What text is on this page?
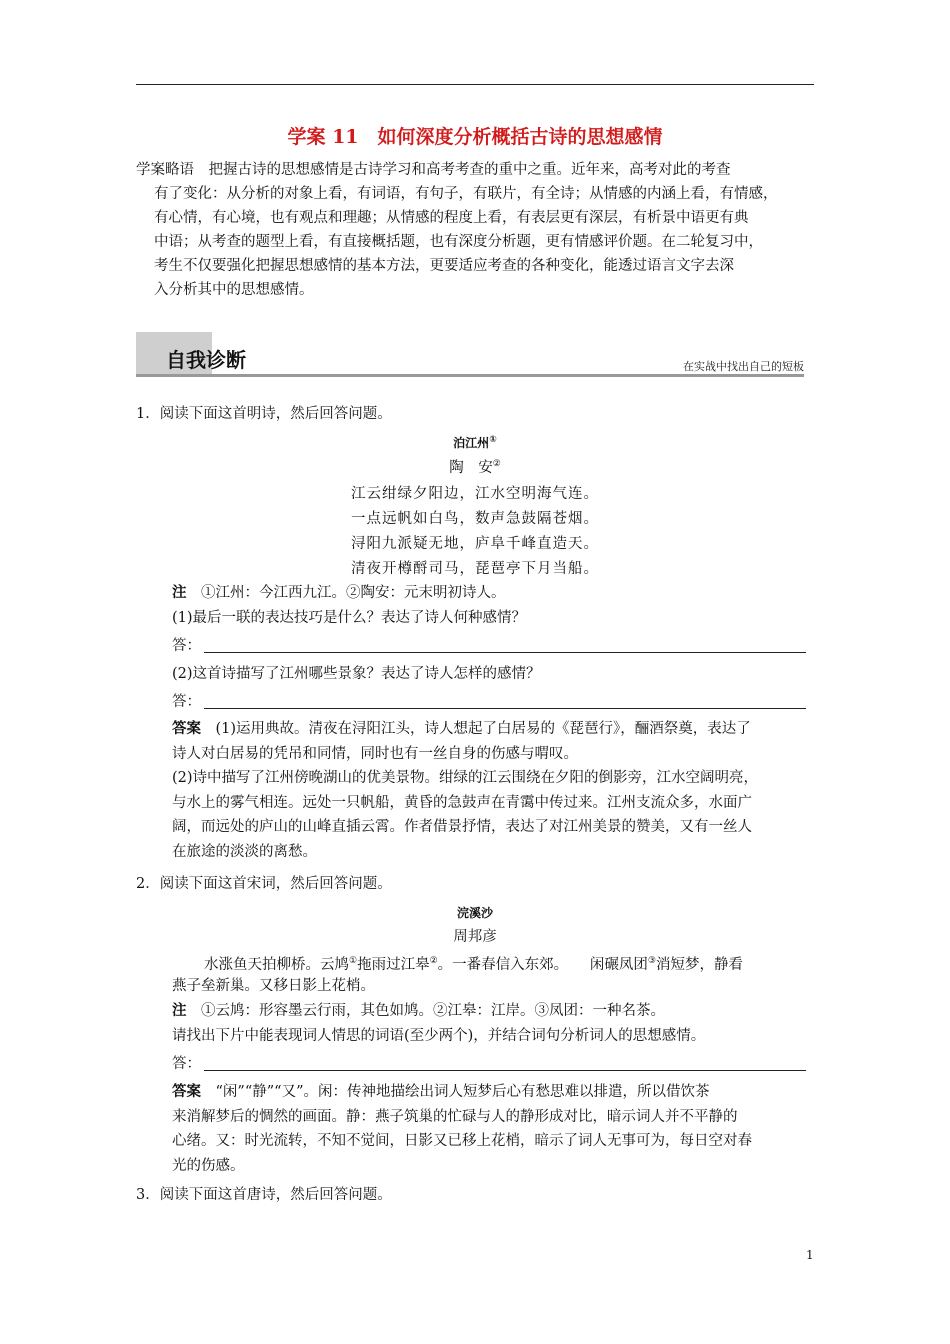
学案 11　如何深度分析概括古诗的思想感情
学案略语　把握古诗的思想感情是古诗学习和高考考查的重中之重。近年来，高考对此的考查
有了变化：从分析的对象上看，有词语，有句子，有联片，有全诗；从情感的内涵上看，有情感，
有心情，有心境，也有观点和理趣；从情感的程度上看，有表层更有深层，有析景中语更有典
中语；从考查的题型上看，有直接概括题，也有深度分析题，更有情感评价题。在二轮复习中，
考生不仅要强化把握思想感情的基本方法，更要适应考查的各种变化，能透过语言文字去深
入分析其中的思想感情。
自我诊断	在实战中找出自己的短板
1．阅读下面这首明诗，然后回答问题。
泊江州①
陶　安②
江云绀绿夕阳边，江水空明海气连。
一点远帆如白鸟，数声急鼓隔苍烟。
浔阳九派疑无地，庐阜千峰直造天。
清夜开樽酹司马，琵琶亭下月当船。
注　 ①江州：今江西九江。②陶安：元末明初诗人。
(1)最后一联的表达技巧是什么？表达了诗人何种感情？
答：
(2)这首诗描写了江州哪些景象？表达了诗人怎样的感情？
答：
答案　 (1)运用典故。清夜在浔阳江头，诗人想起了白居易的《琵琶行》，酾酒祭奠，表达了
诗人对白居易的凭吊和同情，同时也有一丝自身的伤感与喟叹。
(2)诗中描写了江州傍晚湖山的优美景物。绀绿的江云围绕在夕阳的倒影旁，江水空阔明亮，
与水上的雾气相连。远处一只帆船，黄昏的急鼓声在青霭中传过来。江州支流众多，水面广
阔，而远处的庐山的山峰直插云霄。作者借景抒情，表达了对江州美景的赞美，又有一丝人
在旅途的淡淡的离愁。
2．阅读下面这首宋词，然后回答问题。
浣溪沙
周邦彦
水涨鱼天拍柳桥。云鸠①拖雨过江皋②。一番春信入东郊。　　闲碾凤团③消短梦，静看
燕子垒新巢。又移日影上花梢。
注　 ①云鸠：形容墨云行雨，其色如鸠。②江皋：江岸。③凤团：一种名茶。
请找出下片中能表现词人情思的词语(至少两个)，并结合词句分析词人的思想感情。
答：
答案　 “闲”“静”“又”。闲：传神地描绘出词人短梦后心有愁思难以排遣，所以借饮茶
来消解梦后的惆然的画面。静：燕子筑巢的忙碌与人的静形成对比，暗示词人并不平静的
心绪。又：时光流转，不知不觉间，日影又已移上花梢，暗示了词人无事可为，每日空对春
光的伤感。
3．阅读下面这首唐诗，然后回答问题。
1
